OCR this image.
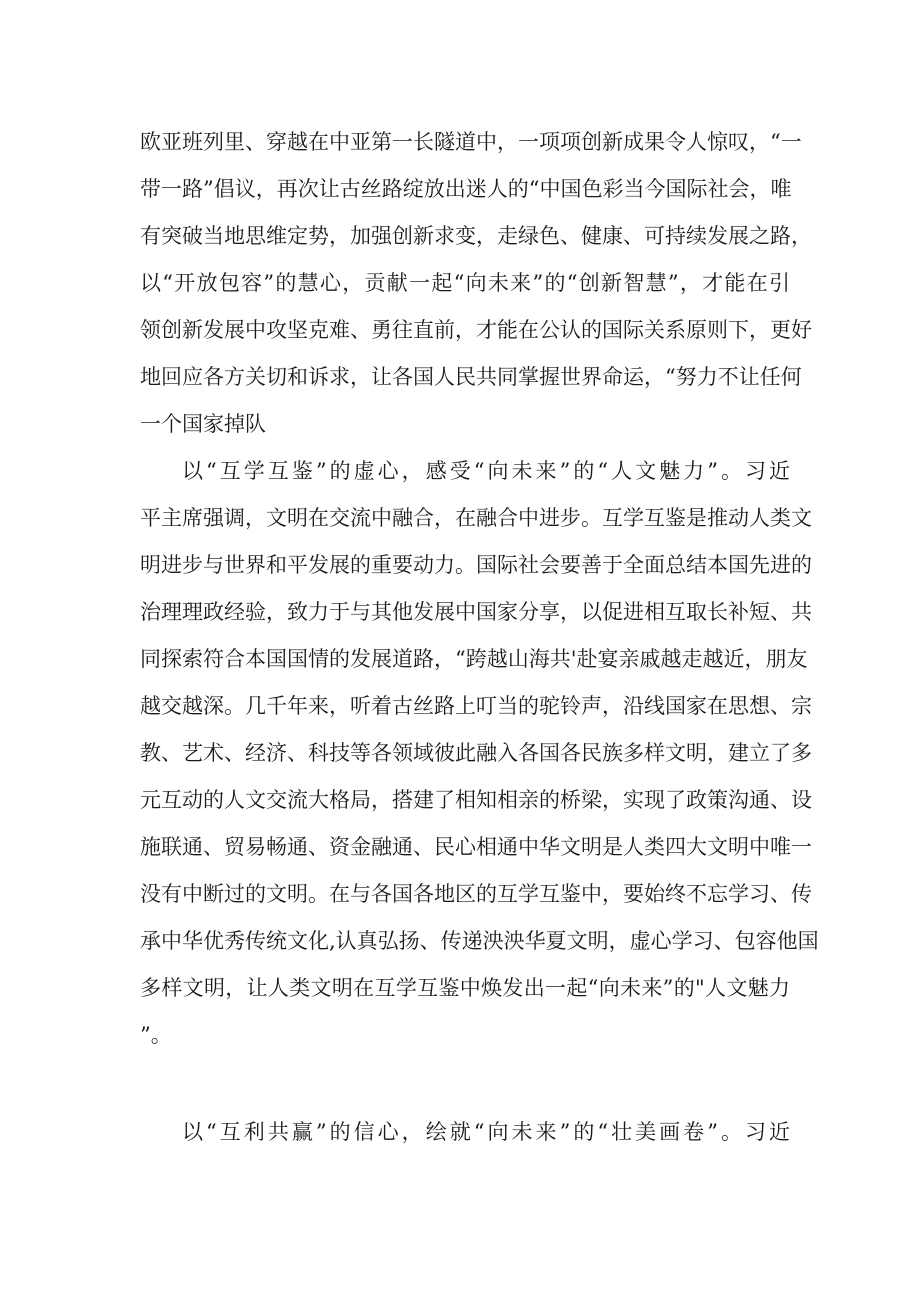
欧亚班列里、穿越在中亚第一长隧道中，一项项创新成果令人惊叹，“一
带一路”倡议，再次让古丝路绽放出迷人的“中国色彩当今国际社会，唯
有突破当地思维定势，加强创新求变，走绿色、健康、可持续发展之路，
以“开放包容”的慧心，贡献一起“向未来”的“创新智慧”，才能在引
领创新发展中攻坚克难、勇往直前，才能在公认的国际关系原则下，更好
地回应各方关切和诉求，让各国人民共同掌握世界命运，“努力不让任何
一个国家掉队
以“互学互鉴”的虚心，感受“向未来”的“人文魅力”。习近
平主席强调，文明在交流中融合，在融合中进步。互学互鉴是推动人类文
明进步与世界和平发展的重要动力。国际社会要善于全面总结本国先进的
治理理政经验，致力于与其他发展中国家分享，以促进相互取长补短、共
同探索符合本国国情的发展道路，“跨越山海共'赴宴亲戚越走越近，朋友
越交越深。几千年来，听着古丝路上叮当的驼铃声，沿线国家在思想、宗
教、艺术、经济、科技等各领域彼此融入各国各民族多样文明，建立了多
元互动的人文交流大格局，搭建了相知相亲的桥梁，实现了政策沟通、设
施联通、贸易畅通、资金融通、民心相通中华文明是人类四大文明中唯一
没有中断过的文明。在与各国各地区的互学互鉴中，要始终不忘学习、传
承中华优秀传统文化,认真弘扬、传递泱泱华夏文明，虚心学习、包容他国
多样文明，让人类文明在互学互鉴中焕发出一起“向未来”的"人文魅力
”。
以“互利共赢”的信心，绘就“向未来”的“壮美画卷”。习近
